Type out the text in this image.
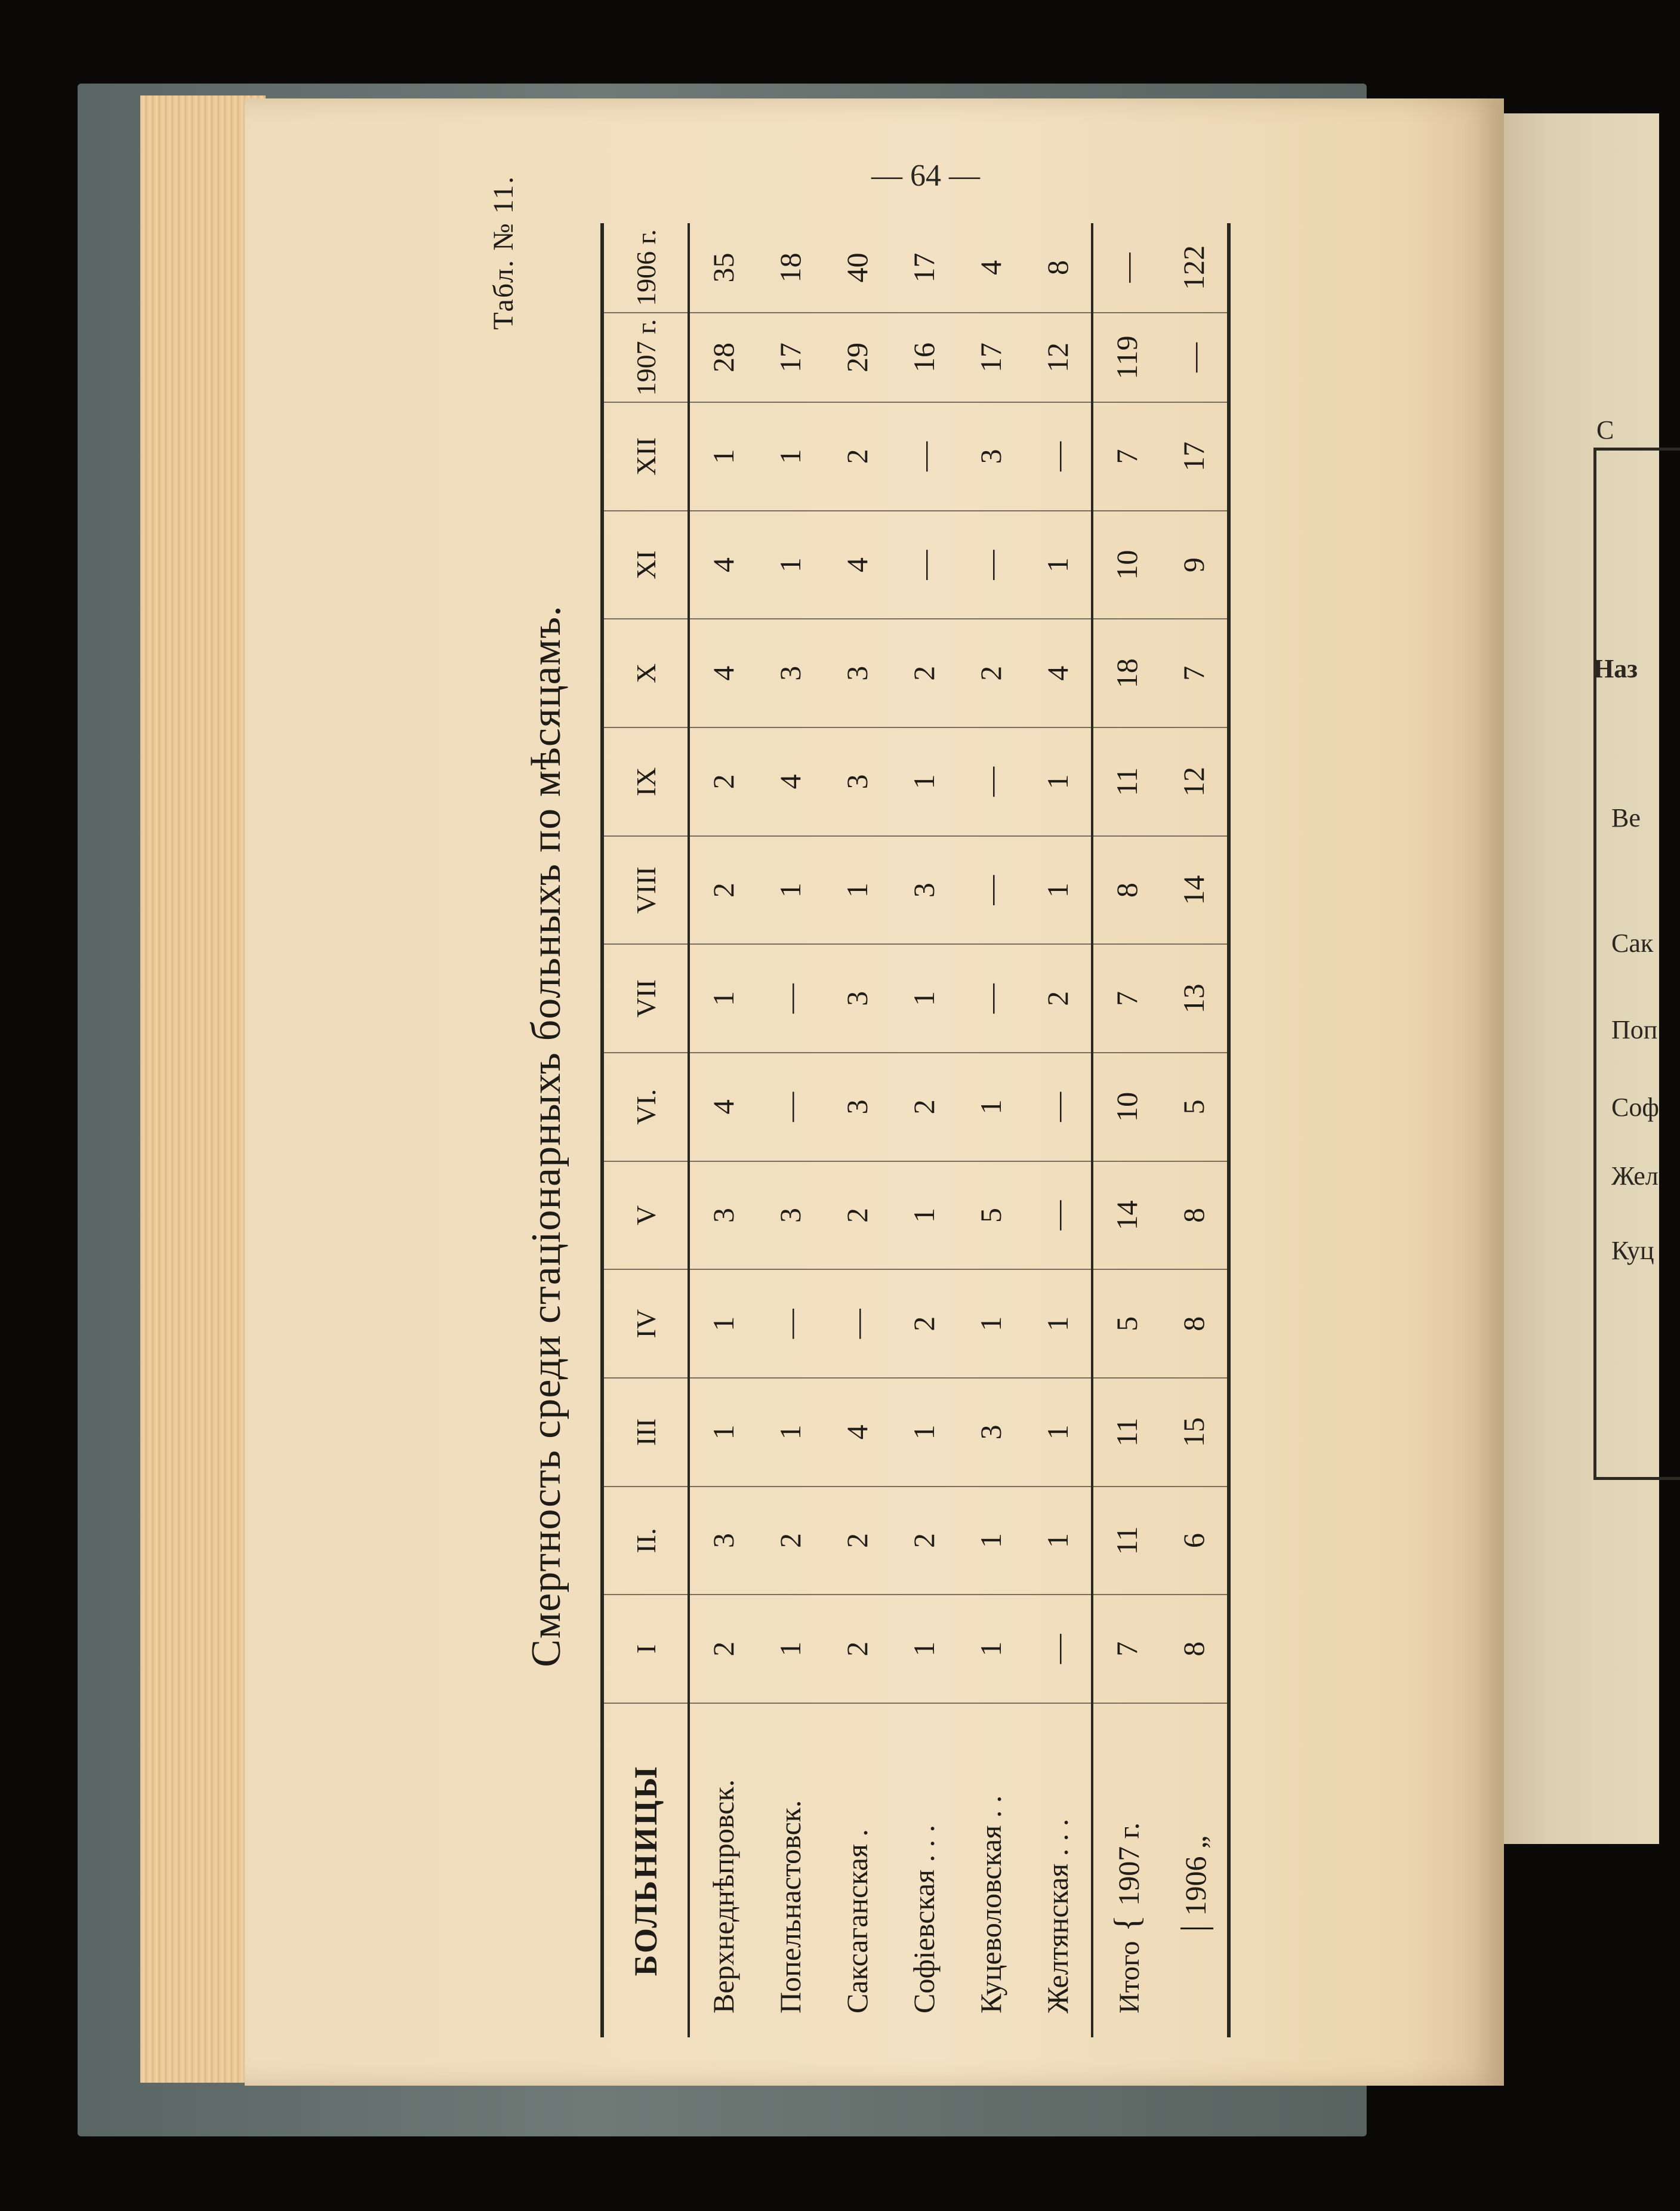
С
Наз
Ве
Сак
Поп
Соф
Жел
Куц
— 64 —
Табл. № 11.
Смертность среди стаціонарныхъ больныхъ по мѣсяцамъ.
БОЛЬНИЦЫ	I	II.	III	IV	V	VI.	VII	VIII	IX	X	XI	XII	1907 г.	1906 г.
Верхнеднѣпровск.	2	3	1	1	3	4	1	2	2	4	4	1	28	35
Попельнастовск.	1	2	1	—	3	—	—	1	4	3	1	1	17	18
Саксаганская .	2	2	4	—	2	3	3	1	3	3	4	2	29	40
Софіевская . . .	1	2	1	2	1	2	1	3	1	2	—	—	16	17
Куцеволовская . .	1	1	3	1	5	1	—	—	—	2	—	3	17	4
Желтянская . . .	—	1	1	1	—	—	2	1	1	4	1	—	12	8
Итого { 1907 г.	7	11	11	5	14	10	7	8	11	18	10	7	119	—
| 1906 „	8	6	15	8	8	5	13	14	12	7	9	17	—	122
